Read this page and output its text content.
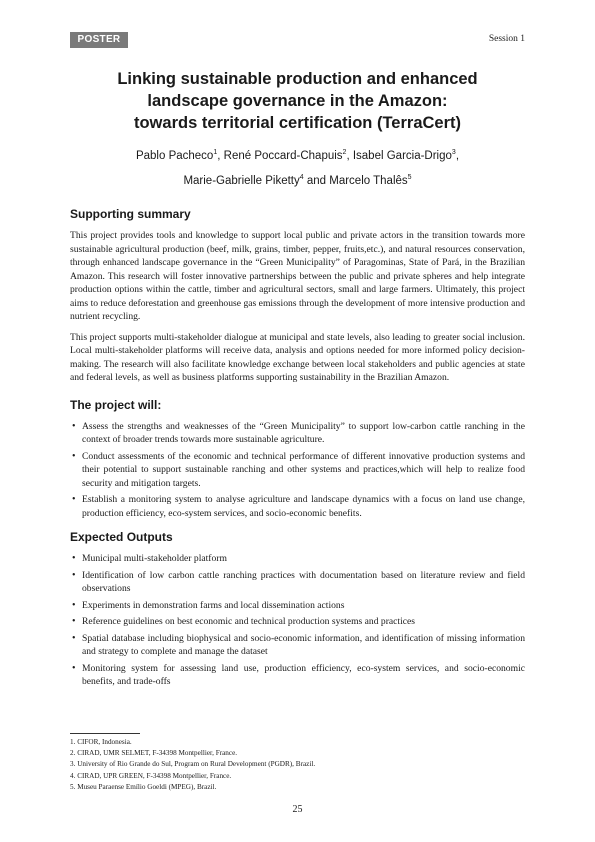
POSTER	Session 1
Linking sustainable production and enhanced
landscape governance in the Amazon:
towards territorial certification (TerraCert)
Pablo Pacheco$^1$, René Poccard-Chapuis$^2$, Isabel Garcia-Drigo$^3$,
Marie-Gabrielle Piketty$^4$ and Marcelo Thalês$^5$
Supporting summary

This project provides tools and knowledge to support local public and private actors in the transition towards more sustainable agricultural production (beef, milk, grains, timber, pepper, fruits,etc.), and natural resources conservation, through enhanced landscape governance in the “Green Municipality” of Paragominas, State of Pará, in the Brazilian Amazon. This research will foster innovative partnerships between the public and private spheres and help integrate production options within the cattle, timber and agricultural sectors, small and large farmers. Ultimately, this project aims to reduce deforestation and greenhouse gas emissions through the development of more intensive production and nutrient recycling.

This project supports multi-stakeholder dialogue at municipal and state levels, also leading to greater social inclusion. Local multi-stakeholder platforms will receive data, analysis and options needed for more informed policy decision-making. The research will also facilitate knowledge exchange between local stakeholders and public agencies at state and federal levels, as well as business platforms supporting sustainability in the Brazilian Amazon.

The project will:
• Assess the strengths and weaknesses of the “Green Municipality” to support low-carbon cattle ranching in the context of broader trends towards more sustainable agriculture.
• Conduct assessments of the economic and technical performance of different innovative production systems and their potential to support sustainable ranching and other systems and practices,which will help to realize food security and mitigation targets.
• Establish a monitoring system to analyse agriculture and landscape dynamics with a focus on land use change, production efficiency, eco-system services, and socio-economic benefits.
Expected Outputs
• Municipal multi-stakeholder platform
• Identification of low carbon cattle ranching practices with documentation based on literature review and field observations
• Experiments in demonstration farms and local dissemination actions
• Reference guidelines on best economic and technical production systems and practices
• Spatial database including biophysical and socio-economic information, and identification of missing information and strategy to complete and manage the dataset
• Monitoring system for assessing land use, production efficiency, eco-system services, and socio-economic benefits, and trade-offs
1. CIFOR, Indonesia.
2. CIRAD, UMR SELMET, F-34398 Montpellier, France.
3. University of Rio Grande do Sul, Program on Rural Development (PGDR), Brazil.
4. CIRAD, UPR GREEN, F-34398 Montpellier, France.
5. Museu Paraense Emílio Goeldi (MPEG), Brazil.
25
